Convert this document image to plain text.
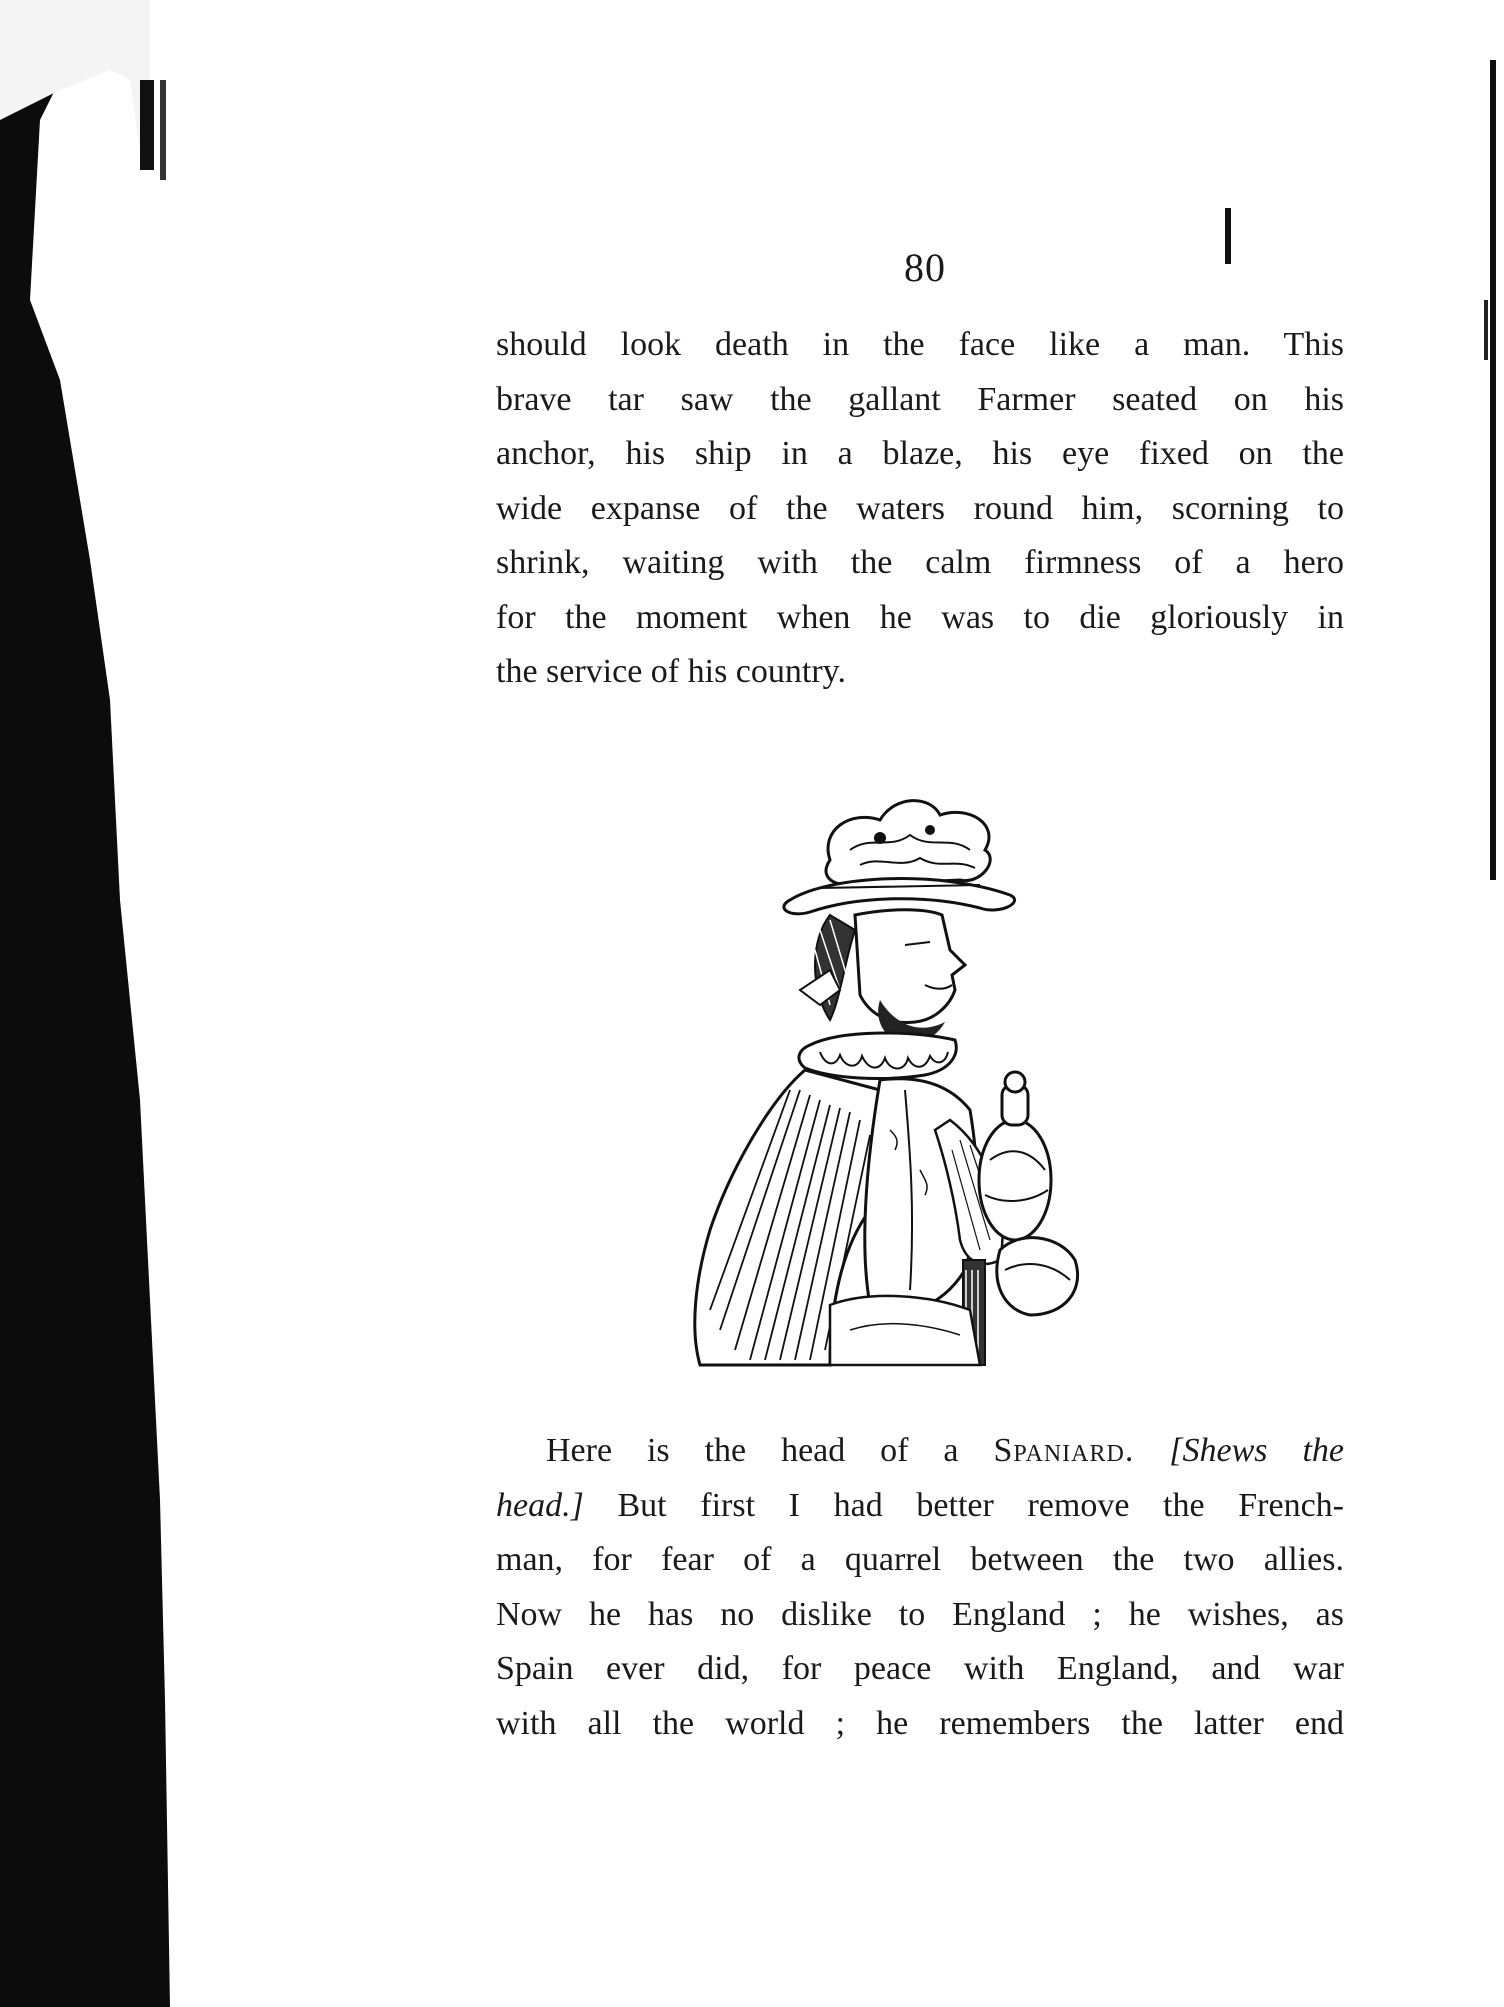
80
should look death in the face like a man. This
brave tar saw the gallant Farmer seated on his
anchor, his ship in a blaze, his eye fixed on the
wide expanse of the waters round him, scorning to
shrink, waiting with the calm firmness of a hero
for the moment when he was to die gloriously in
the service of his country.
Here is the head of a Spaniard. [Shews the
head.] But first I had better remove the French-
man, for fear of a quarrel between the two allies.
Now he has no dislike to England ; he wishes, as
Spain ever did, for peace with England, and war
with all the world ; he remembers the latter end
